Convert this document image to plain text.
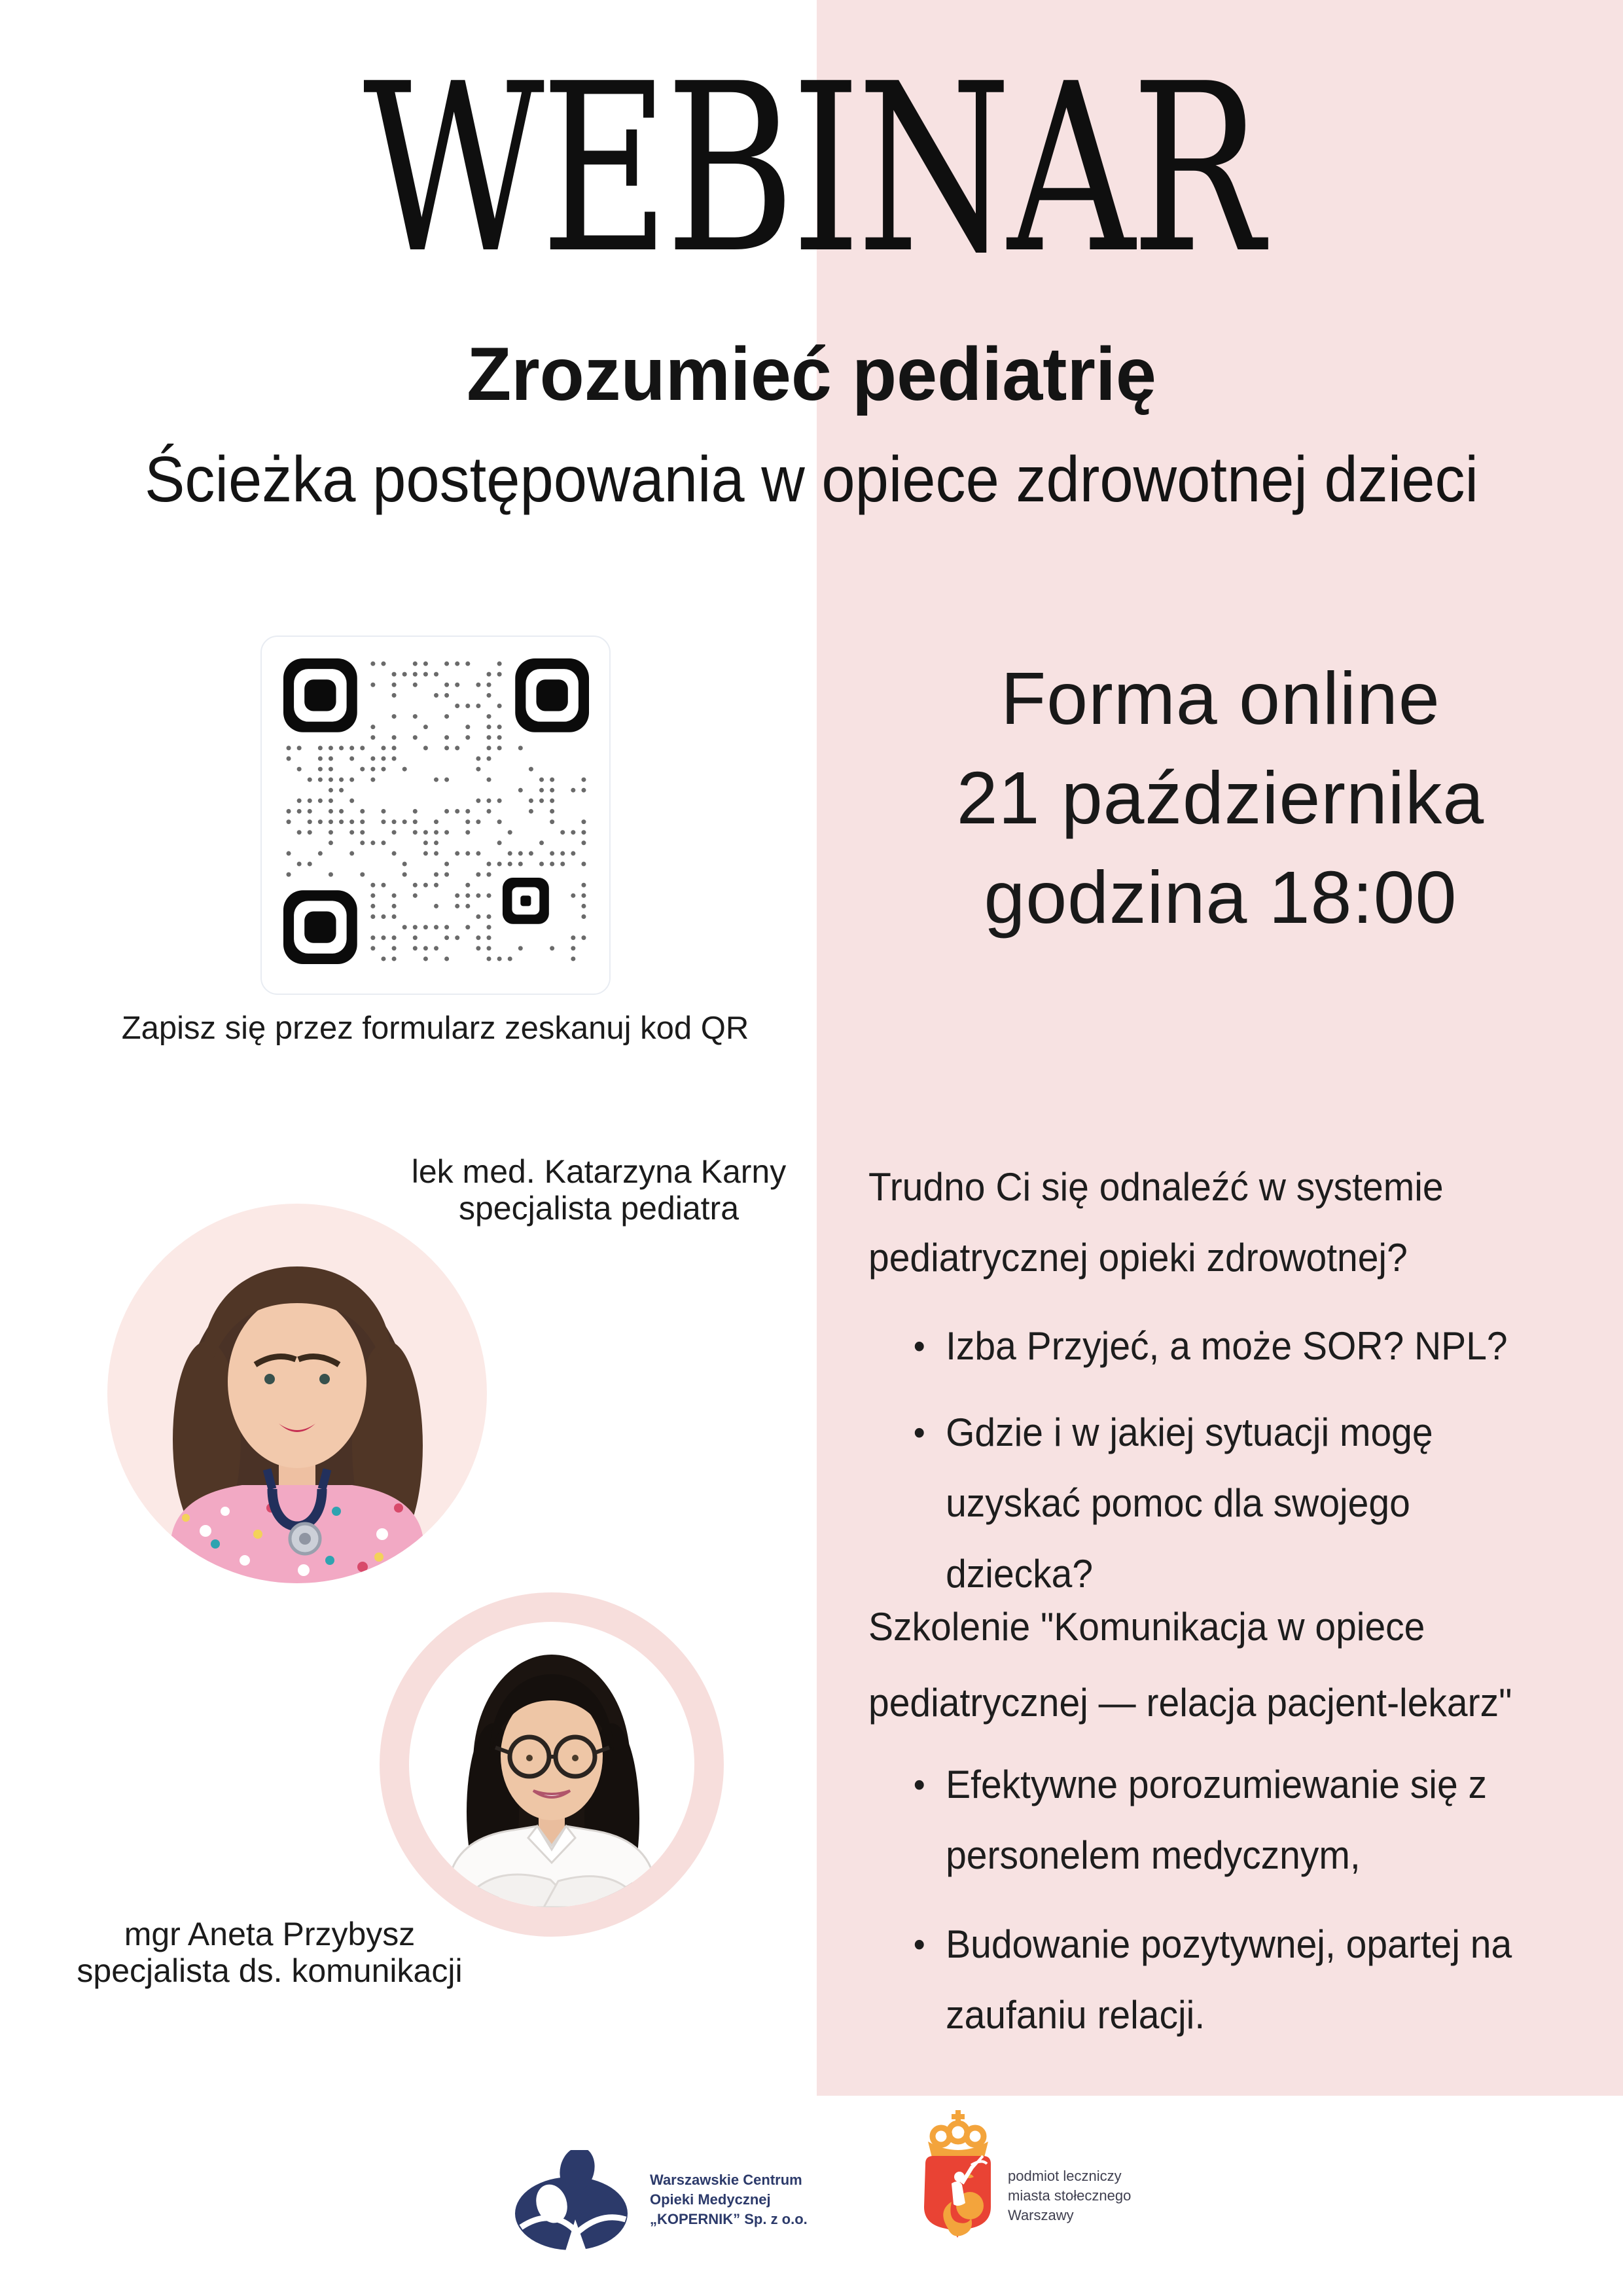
WEBINAR
Zrozumieć pediatrię
Ścieżka postępowania w opiece zdrowotnej dzieci
Zapisz się przez formularz zeskanuj kod QR
Forma online
21 października
godzina 18:00
lek med. Katarzyna Karny
specjalista pediatra	Trudno Ci się odnaleźć w systemie pediatrycznej opieki zdrowotnej?
• Izba Przyjeć, a może SOR? NPL?
• Gdzie i w jakiej sytuacji mogę uzyskać pomoc dla swojego dziecka?
Szkolenie "Komunikacja w opiece pediatrycznej — relacja pacjent-lekarz"
• Efektywne porozumiewanie się z personelem medycznym,
• Budowanie pozytywnej, opartej na zaufaniu relacji.
mgr Aneta Przybysz
specjalista ds. komunikacji
Warszawskie Centrum
Opieki Medycznej
„KOPERNIK” Sp. z o.o.
podmiot leczniczy
miasta stołecznego
Warszawy
